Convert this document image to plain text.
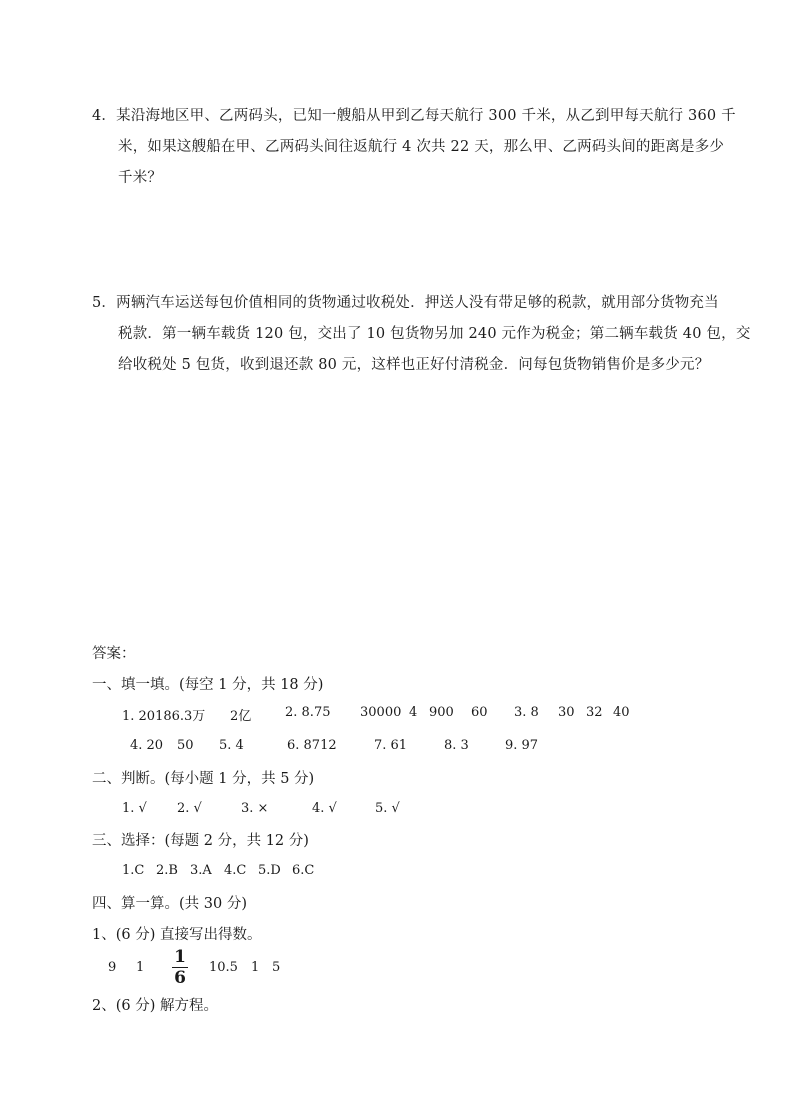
4．某沿海地区甲、乙两码头，已知一艘船从甲到乙每天航行 300 千米，从乙到甲每天航行 360 千
米，如果这艘船在甲、乙两码头间往返航行 4 次共 22 天，那么甲、乙两码头间的距离是多少
千米？
5．两辆汽车运送每包价值相同的货物通过收税处．押送人没有带足够的税款，就用部分货物充当
税款．第一辆车载货 120 包，交出了 10 包货物另加 240 元作为税金；第二辆车载货 40 包，交
给收税处 5 包货，收到退还款 80 元，这样也正好付清税金．问每包货物销售价是多少元？
答案：
一、填一填。(每空 1 分，共 18 分)
1. 20186.3万 2亿	2. 8.75 30000 4 900 60 3. 8 30 32 40
4. 20 50 5. 4	6. 8712	7. 61	8. 3	9. 97
二、判断。(每小题 1 分，共 5 分)
1. √ 2. √	3. ×	4. √	5. √
三、选择：(每题 2 分，共 12 分)
1.C 2.B 3.A 4.C 5.D 6.C
四、算一算。(共 30 分)
1、(6 分) 直接写出得数。
9 1	10.5 1 5
1
6
2、(6 分) 解方程。
